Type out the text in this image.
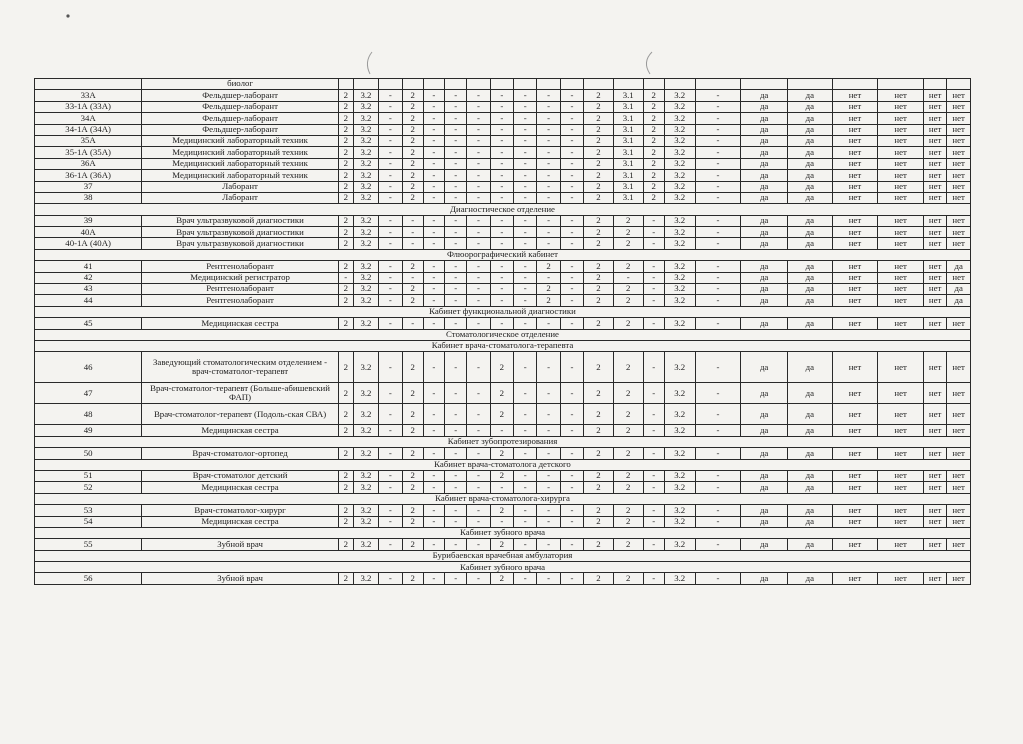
	биолог																						
33А	Фельдшер-лаборант	2	3.2	-	2	-	-	-	-	-	-	-	2	3.1	2	3.2	-	да	да	нет	нет	нет	нет
33-1А (33А)	Фельдшер-лаборант	2	3.2	-	2	-	-	-	-	-	-	-	2	3.1	2	3.2	-	да	да	нет	нет	нет	нет
34А	Фельдшер-лаборант	2	3.2	-	2	-	-	-	-	-	-	-	2	3.1	2	3.2	-	да	да	нет	нет	нет	нет
34-1А (34А)	Фельдшер-лаборант	2	3.2	-	2	-	-	-	-	-	-	-	2	3.1	2	3.2	-	да	да	нет	нет	нет	нет
35А	Медицинский лабораторный техник	2	3.2	-	2	-	-	-	-	-	-	-	2	3.1	2	3.2	-	да	да	нет	нет	нет	нет
35-1А (35А)	Медицинский лабораторный техник	2	3.2	-	2	-	-	-	-	-	-	-	2	3.1	2	3.2	-	да	да	нет	нет	нет	нет
36А	Медицинский лабораторный техник	2	3.2	-	2	-	-	-	-	-	-	-	2	3.1	2	3.2	-	да	да	нет	нет	нет	нет
36-1А (36А)	Медицинский лабораторный техник	2	3.2	-	2	-	-	-	-	-	-	-	2	3.1	2	3.2	-	да	да	нет	нет	нет	нет
37	Лаборант	2	3.2	-	2	-	-	-	-	-	-	-	2	3.1	2	3.2	-	да	да	нет	нет	нет	нет
38	Лаборант	2	3.2	-	2	-	-	-	-	-	-	-	2	3.1	2	3.2	-	да	да	нет	нет	нет	нет
Диагностическое отделение																							
39	Врач ультразвуковой диагностики	2	3.2	-	-	-	-	-	-	-	-	-	2	2	-	3.2	-	да	да	нет	нет	нет	нет
40А	Врач ультразвуковой диагностики	2	3.2	-	-	-	-	-	-	-	-	-	2	2	-	3.2	-	да	да	нет	нет	нет	нет
40-1А (40А)	Врач ультразвуковой диагностики	2	3.2	-	-	-	-	-	-	-	-	-	2	2	-	3.2	-	да	да	нет	нет	нет	нет
Флюорографический кабинет																							
41	Рентгенолаборант	2	3.2	-	2	-	-	-	-	-	2	-	2	2	-	3.2	-	да	да	нет	нет	нет	да
42	Медицинский регистратор	-	3.2	-	-	-	-	-	-	-	-	-	2	-	-	3.2	-	да	да	нет	нет	нет	нет
43	Рентгенолаборант	2	3.2	-	2	-	-	-	-	-	2	-	2	2	-	3.2	-	да	да	нет	нет	нет	да
44	Рентгенолаборант	2	3.2	-	2	-	-	-	-	-	2	-	2	2	-	3.2	-	да	да	нет	нет	нет	да
Кабинет функциональной диагностики																							
45	Медицинская сестра	2	3.2	-	-	-	-	-	-	-	-	-	2	2	-	3.2	-	да	да	нет	нет	нет	нет
Стоматологическое отделение																							
Кабинет врача-стоматолога-терапевта																							
46	Заведующий стоматологическим отделением - врач-стоматолог-терапевт	2	3.2	-	2	-	-	-	2	-	-	-	2	2	-	3.2	-	да	да	нет	нет	нет	нет
47	Врач-стоматолог-терапевт (Больше-абишевский ФАП)	2	3.2	-	2	-	-	-	2	-	-	-	2	2	-	3.2	-	да	да	нет	нет	нет	нет
48	Врач-стоматолог-терапевт (Подоль-ская СВА)	2	3.2	-	2	-	-	-	2	-	-	-	2	2	-	3.2	-	да	да	нет	нет	нет	нет
49	Медицинская сестра	2	3.2	-	2	-	-	-	-	-	-	-	2	2	-	3.2	-	да	да	нет	нет	нет	нет
Кабинет зубопротезирования																							
50	Врач-стоматолог-ортопед	2	3.2	-	2	-	-	-	2	-	-	-	2	2	-	3.2	-	да	да	нет	нет	нет	нет
Кабинет врача-стоматолога детского																							
51	Врач-стоматолог детский	2	3.2	-	2	-	-	-	2	-	-	-	2	2	-	3.2	-	да	да	нет	нет	нет	нет
52	Медицинская сестра	2	3.2	-	2	-	-	-	-	-	-	-	2	2	-	3.2	-	да	да	нет	нет	нет	нет
Кабинет врача-стоматолога-хирурга																							
53	Врач-стоматолог-хирург	2	3.2	-	2	-	-	-	2	-	-	-	2	2	-	3.2	-	да	да	нет	нет	нет	нет
54	Медицинская сестра	2	3.2	-	2	-	-	-	-	-	-	-	2	2	-	3.2	-	да	да	нет	нет	нет	нет
Кабинет зубного врача																							
55	Зубной врач	2	3.2	-	2	-	-	-	2	-	-	-	2	2	-	3.2	-	да	да	нет	нет	нет	нет
Бурибаевская врачебная амбулатория																							
Кабинет зубного врача																							
56	Зубной врач	2	3.2	-	2	-	-	-	2	-	-	-	2	2	-	3.2	-	да	да	нет	нет	нет	нет
